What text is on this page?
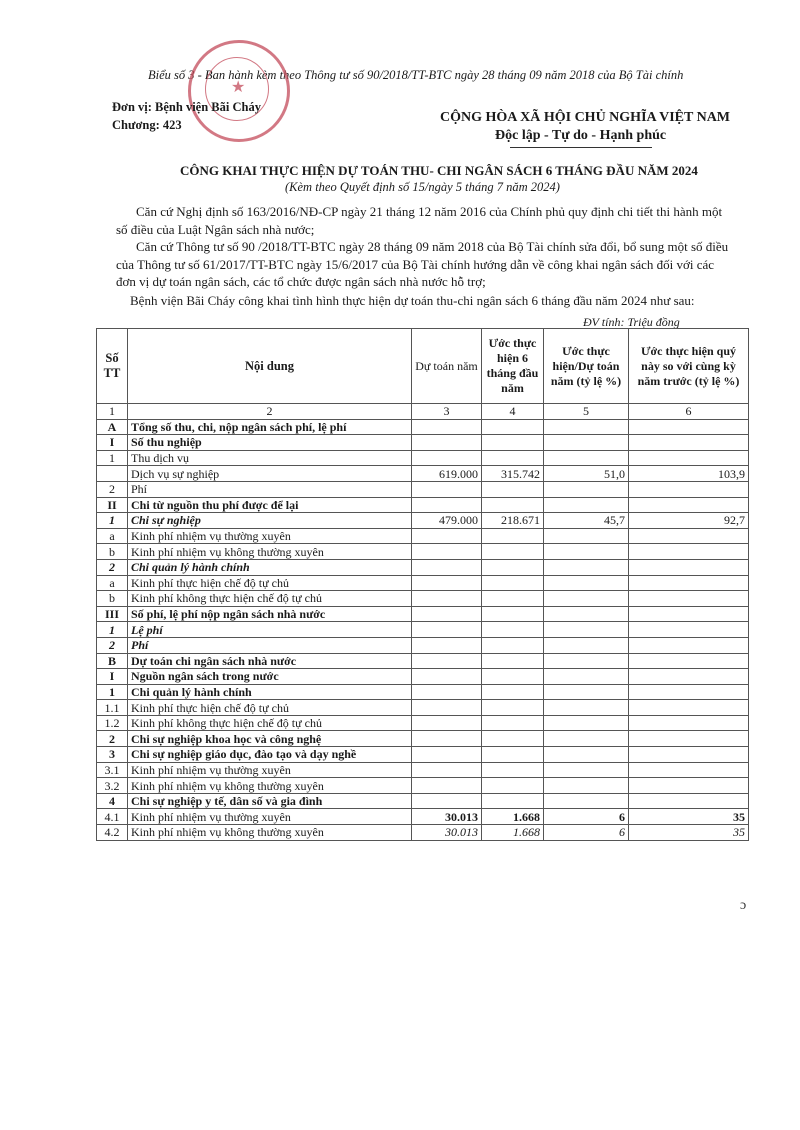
Biểu số 3 - Ban hành kèm theo Thông tư số 90/2018/TT-BTC ngày 28 tháng 09 năm 2018 của Bộ Tài chính
★
Đơn vị: Bệnh viện Bãi Cháy
Chương: 423	CỘNG HÒA XÃ HỘI CHỦ NGHĨA VIỆT NAM
Độc lập - Tự do - Hạnh phúc
CÔNG KHAI THỰC HIỆN DỰ TOÁN THU- CHI NGÂN SÁCH 6 THÁNG ĐẦU NĂM 2024
(Kèm theo Quyết định số 15/ngày 5 tháng 7 năm 2024)
Căn cứ Nghị định số 163/2016/NĐ-CP ngày 21 tháng 12 năm 2016 của Chính phủ quy định chi tiết thi hành một số điều của Luật Ngân sách nhà nước;
Căn cứ Thông tư số 90 /2018/TT-BTC ngày 28 tháng 09 năm 2018 của Bộ Tài chính sửa đổi, bổ sung một số điều của Thông tư số 61/2017/TT-BTC ngày 15/6/2017 của Bộ Tài chính hướng dẫn về công khai ngân sách đối với các đơn vị dự toán ngân sách, các tổ chức được ngân sách nhà nước hỗ trợ;
Bệnh viện Bãi Cháy công khai tình hình thực hiện dự toán thu-chi ngân sách 6 tháng đầu năm 2024 như sau:
ĐV tính: Triệu đồng
Số TT	Nội dung	Dự toán năm	Ước thực hiện 6 tháng đầu năm	Ước thực hiện/Dự toán năm (tỷ lệ %)	Ước thực hiện quý này so với cùng kỳ năm trước (tỷ lệ %)
1	2	3	4	5	6
A	Tổng số thu, chi, nộp ngân sách phí, lệ phí				
I	Số thu nghiệp				
1	Thu dịch vụ				
	Dịch vụ sự nghiệp	619.000	315.742	51,0	103,9
2	Phí				
II	Chi từ nguồn thu phí được để lại				
1	Chi sự nghiệp	479.000	218.671	45,7	92,7
a	Kinh phí nhiệm vụ thường xuyên				
b	Kinh phí nhiệm vụ không thường xuyên				
2	Chi quản lý hành chính				
a	Kinh phí thực hiện chế độ tự chủ				
b	Kinh phí không thực hiện chế độ tự chủ				
III	Số phí, lệ phí nộp ngân sách nhà nước				
1	Lệ phí				
2	Phí				
B	Dự toán chi ngân sách nhà nước				
I	Nguồn ngân sách trong nước				
1	Chi quản lý hành chính				
1.1	Kinh phí thực hiện chế độ tự chủ				
1.2	Kinh phí không thực hiện chế độ tự chủ				
2	Chi sự nghiệp khoa học và công nghệ				
3	Chi sự nghiệp giáo dục, đào tạo và dạy nghề				
3.1	Kinh phí nhiệm vụ thường xuyên				
3.2	Kinh phí nhiệm vụ không thường xuyên				
4	Chi sự nghiệp y tế, dân số và gia đình				
4.1	Kinh phí nhiệm vụ thường xuyên	30.013	1.668	6	35
4.2	Kinh phí nhiệm vụ không thường xuyên	30.013	1.668	6	35
ɔ
